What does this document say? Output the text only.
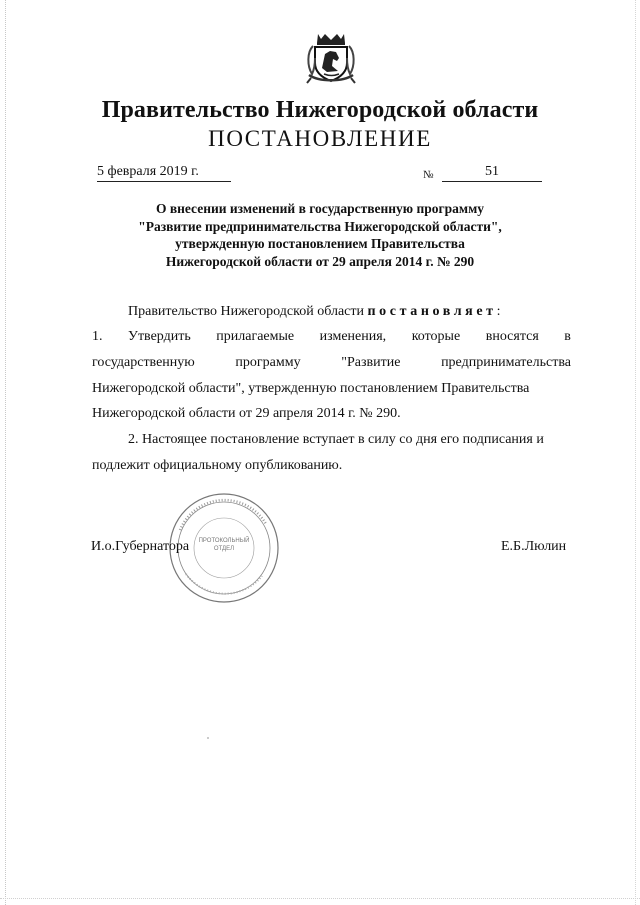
Правительство Нижегородской области
ПОСТАНОВЛЕНИЕ
5 февраля 2019 г.	№	51
О внесении изменений в государственную программу
"Развитие предпринимательства Нижегородской области",
утвержденную постановлением Правительства
Нижегородской области от 29 апреля 2014 г. № 290
Правительство Нижегородской области постановляет:
1. Утвердить прилагаемые изменения, которые вносятся в
государственную	программу	"Развитие	предпринимательства
Нижегородской области", утвержденную постановлением Правительства
Нижегородской области от 29 апреля 2014 г. № 290.
2. Настоящее постановление вступает в силу со дня его подписания и
подлежит официальному опубликованию.
ПРОТОКОЛЬНЫЙ
ОТДЕЛ
И.о.Губернатора	Е.Б.Люлин
